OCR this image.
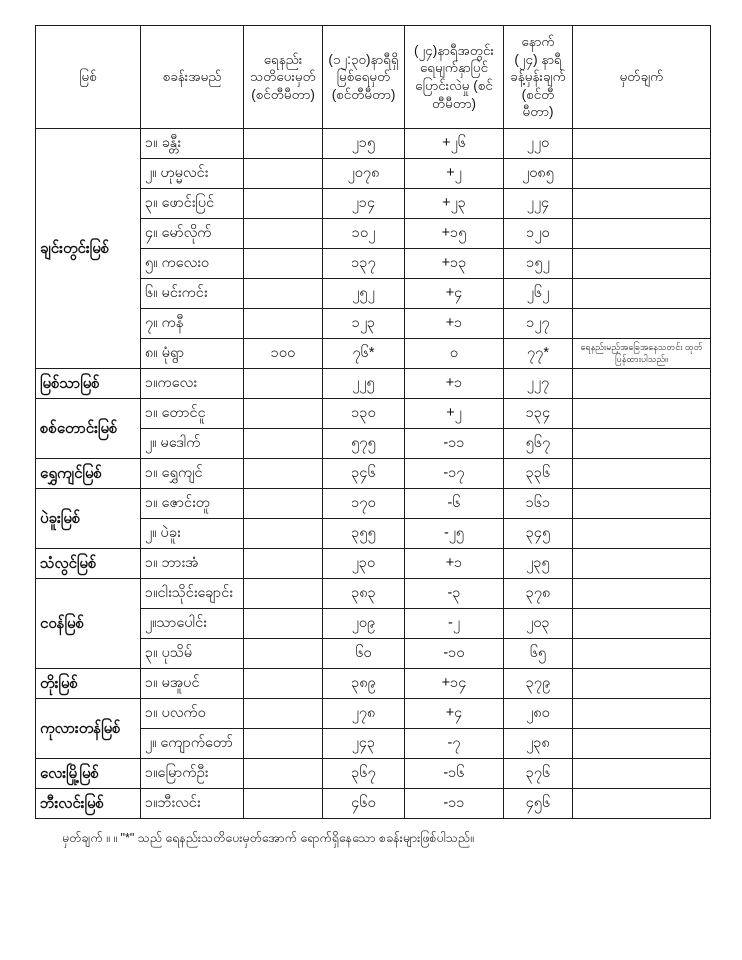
မြစ်	စခန်းအမည်	ရေနည်း သတိပေးမှတ် (စင်တီမီတာ)	(၁၂:၃၀)နာရီရှိ မြစ်ရေမှတ် (စင်တီမီတာ)	(၂၄)နာရီအတွင်း ရေမျက်နှာပြင် ပြောင်းလဲမှု (စင်တီမီတာ)	နောက် (၂၄) နာရီ ခန့်မှန်းချက် (စင်တီမီတာ)	မှတ်ချက်
ချင်းတွင်းမြစ်	၁။ ခန္တီး		၂၁၅	+၂၆	၂၂၀	
	၂။ ဟုမ္မလင်း		၂၀၇၈	+၂	၂၀၈၅	
	၃။ ဖောင်းပြင်		၂၁၄	+၂၃	၂၂၄	
	၄။ မော်လိုက်		၁၀၂	+၁၅	၁၂၀	
	၅။ ကလေးဝ		၁၃၇	+၁၃	၁၅၂	
	၆။ မင်းကင်း		၂၅၂	+၄	၂၆၂	
	၇။ ကနီ		၁၂၃	+၁	၁၂၇	
	၈။ မုံရွာ	၁၀၀	၇၆*	၀	၇၇*	ရေနည်းမည့်အခြေအနေသတင်း ထုတ်ပြန်ထားပါသည်။
မြစ်သာမြစ်	၁။ကလေး		၂၂၅	+၁	၂၂၇	
စစ်တောင်းမြစ်	၁။ တောင်ငူ		၁၃၀	+၂	၁၃၄	
	၂။ မဒေါက်		၅၇၅	-၁၁	၅၆၇	
ရွှေကျင်မြစ်	၁။ ရွှေကျင်		၃၄၆	-၁၇	၃၃၆	
ပဲခူးမြစ်	၁။ ဇောင်းတူ		၁၇၀	-၆	၁၆၁	
	၂။ ပဲခူး		၃၅၅	-၂၅	၃၄၅	
သံလွင်မြစ်	၁။ ဘားအံ		၂၃၀	+၁	၂၃၅	
ငဝန်မြစ်	၁။ငါးသိုင်းချောင်း		၃၈၃	-၃	၃၇၈	
	၂။သာပေါင်း		၂၀၉	-၂	၂၀၃	
	၃။ ပုသိမ်		၆၀	-၁၀	၆၅	
တိုးမြစ်	၁။ မအူပင်		၃၈၉	+၁၄	၃၇၉	
ကုလားတန်မြစ်	၁။ ပလက်ဝ		၂၇၈	+၄	၂၈၀	
	၂။ ကျောက်တော်		၂၄၃	-၇	၂၃၈	
လေးမြို့မြစ်	၁။မြောက်ဦး		၃၆၇	-၁၆	၃၇၆	
ဘီးလင်းမြစ်	၁။ဘီးလင်း		၄၆၀	-၁၁	၄၅၆	
မှတ်ချက် ။ ။ "*" သည် ရေနည်းသတိပေးမှတ်အောက် ရောက်ရှိနေသော စခန်းများဖြစ်ပါသည်။
